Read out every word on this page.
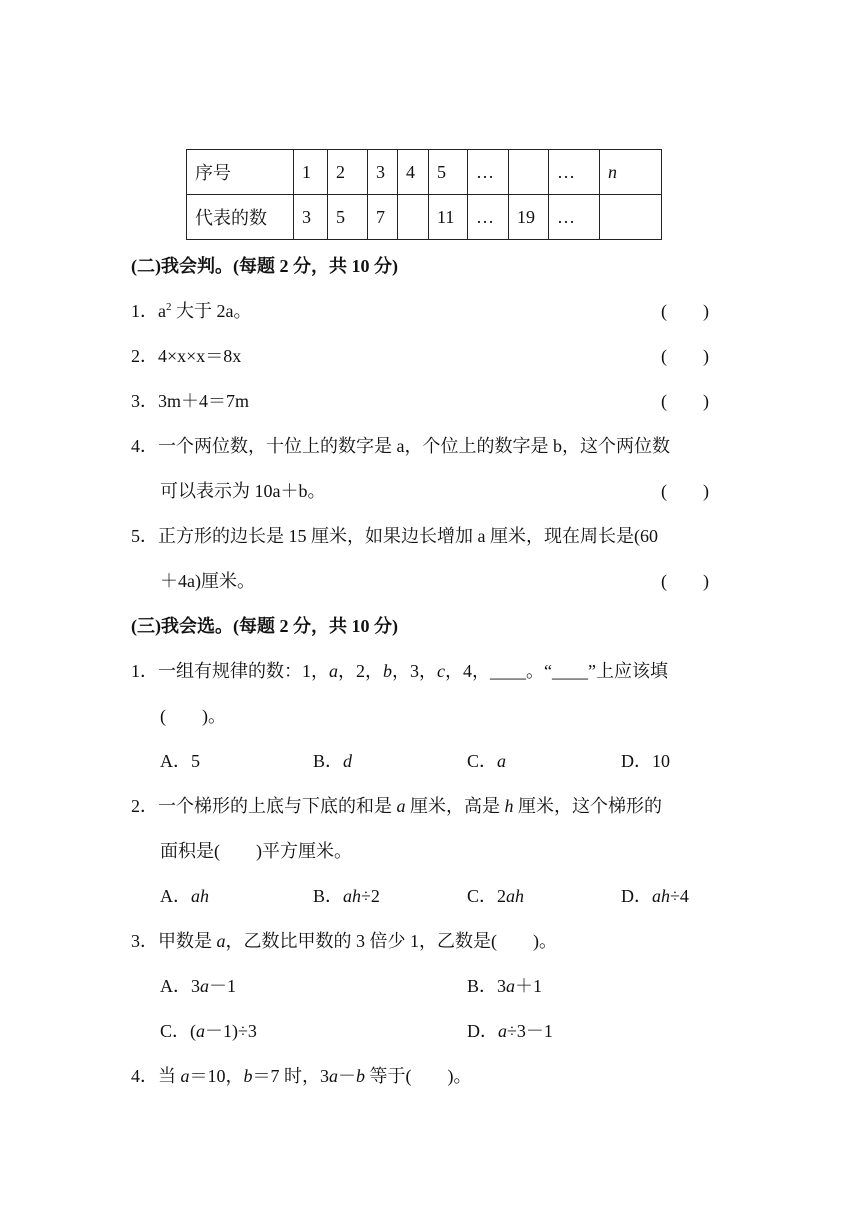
序号	1	2	3	4	5	…		…	n
代表的数	3	5	7		11	…	19	…	
(二)我会判。(每题 2 分，共 10 分)
1．$a^2$ 大于 2a。	(　　)
2．4×x×x＝8x	(　　)
3．3m＋4＝7m	(　　)
4．一个两位数，十位上的数字是 a，个位上的数字是 b，这个两位数
可以表示为 10a＋b。	(　　)
5．正方形的边长是 15 厘米，如果边长增加 a 厘米，现在周长是(60
＋4a)厘米。	(　　)
(三)我会选。(每题 2 分，共 10 分)
1．一组有规律的数：1，a，2，b，3，c，4，____。“____”上应该填
(　　)。
A．5	B．d	C．a	D．10
2．一个梯形的上底与下底的和是 a 厘米，高是 h 厘米，这个梯形的
面积是(　　)平方厘米。
A．ah	B．ah÷2	C．2ah	D．ah÷4
3．甲数是 a，乙数比甲数的 3 倍少 1，乙数是(　　)。
A．3a－1	B．3a＋1
C．(a－1)÷3	D．a÷3－1
4．当 a＝10，b＝7 时，3a－b 等于(　　)。
